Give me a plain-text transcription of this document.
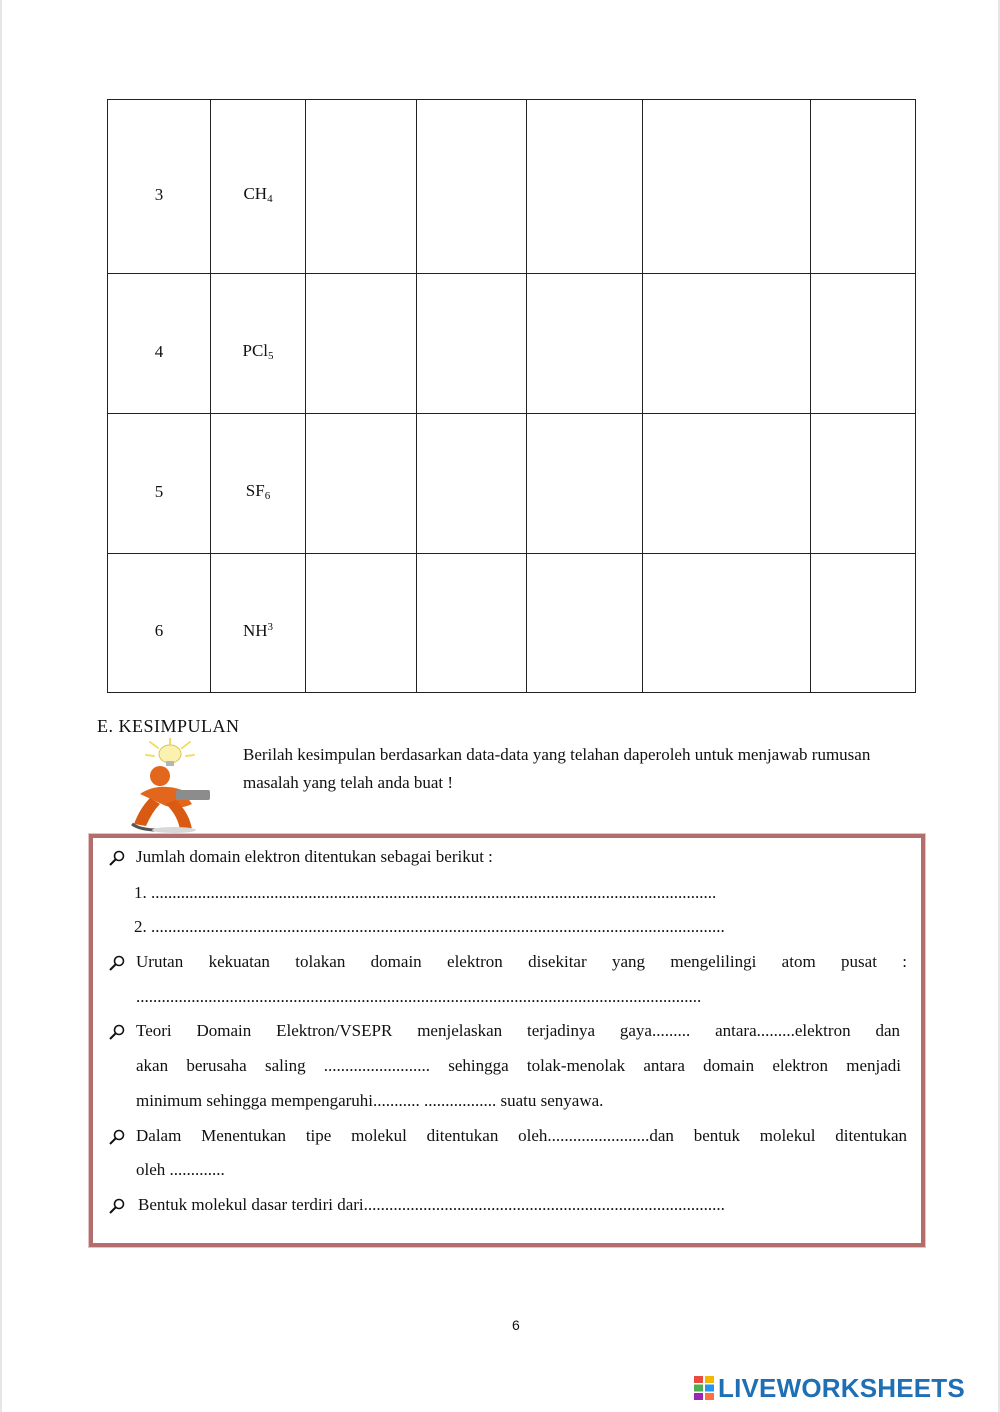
3	$CH_4$					
4	PCl$_5$					
5	$SF_6$					
6	$NH^3$					
E. KESIMPULAN
Berilah kesimpulan berdasarkan data-data yang telahan daperoleh untuk menjawab rumusan masalah yang telah anda buat !
Jumlah domain elektron ditentukan sebagai berikut :
1. .....................................................................................................................................
2. .......................................................................................................................................
Urutan kekuatan tolakan domain elektron disekitar yang mengelilingi atom pusat :
.....................................................................................................................................
Teori Domain Elektron/VSEPR menjelaskan terjadinya gaya......... antara.........elektron dan
akan berusaha saling ......................... sehingga tolak-menolak antara domain elektron menjadi
minimum sehingga mempengaruhi........... ................. suatu senyawa.
Dalam Menentukan tipe molekul ditentukan oleh........................dan bentuk molekul ditentukan
oleh .............
Bentuk molekul dasar terdiri dari.....................................................................................
6
LIVEWORKSHEETS
